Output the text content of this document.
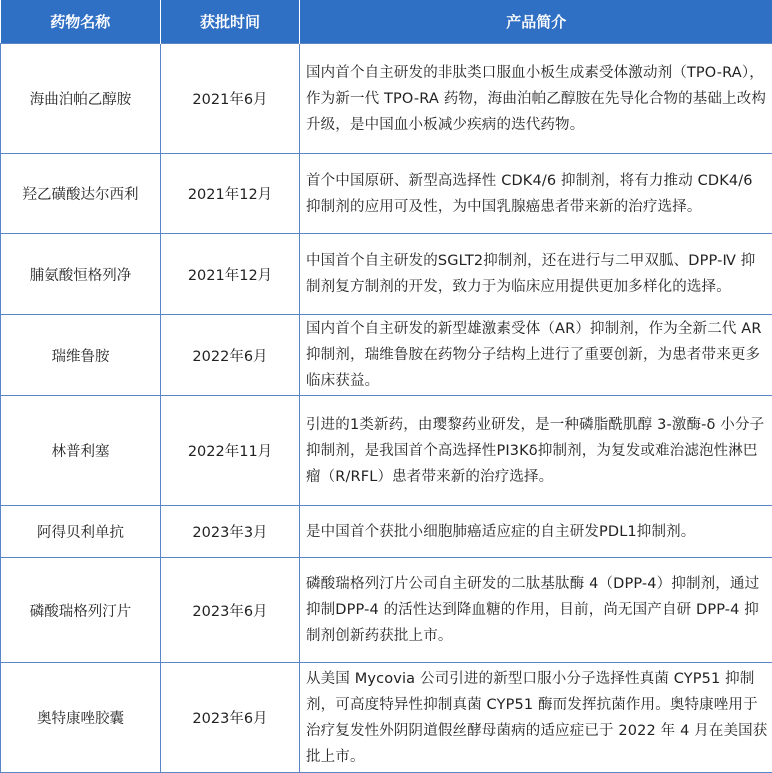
药物名称	获批时间	产品简介
海曲泊帕乙醇胺	2021年6月	国内首个自主研发的非肽类口服血小板生成素受体激动剂（TPO-RA），作为新一代 TPO-RA 药物，海曲泊帕乙醇胺在先导化合物的基础上改构升级，是中国血小板减少疾病的迭代药物。
羟乙磺酸达尔西利	2021年12月	首个中国原研、新型高选择性 CDK4/6 抑制剂，将有力推动 CDK4/6 抑制剂的应用可及性，为中国乳腺癌患者带来新的治疗选择。
脯氨酸恒格列净	2021年12月	中国首个自主研发的SGLT2抑制剂，还在进行与二甲双胍、DPP-Ⅳ 抑制剂复方制剂的开发，致力于为临床应用提供更加多样化的选择。
瑞维鲁胺	2022年6月	国内首个自主研发的新型雄激素受体（AR）抑制剂，作为全新二代 AR 抑制剂，瑞维鲁胺在药物分子结构上进行了重要创新，为患者带来更多临床获益。
林普利塞	2022年11月	引进的1类新药，由璎黎药业研发，是一种磷脂酰肌醇 3-激酶-δ 小分子抑制剂，是我国首个高选择性PI3Kδ抑制剂，为复发或难治滤泡性淋巴瘤（R/RFL）患者带来新的治疗选择。
阿得贝利单抗	2023年3月	是中国首个获批小细胞肺癌适应症的自主研发PDL1抑制剂。
磷酸瑞格列汀片	2023年6月	磷酸瑞格列汀片公司自主研发的二肽基肽酶 4（DPP-4）抑制剂，通过抑制DPP-4 的活性达到降血糖的作用，目前，尚无国产自研 DPP-4 抑制剂创新药获批上市。
奥特康唑胶囊	2023年6月	从美国 Mycovia 公司引进的新型口服小分子选择性真菌 CYP51 抑制剂，可高度特异性抑制真菌 CYP51 酶而发挥抗菌作用。奥特康唑用于治疗复发性外阴阴道假丝酵母菌病的适应症已于 2022 年 4 月在美国获批上市。
